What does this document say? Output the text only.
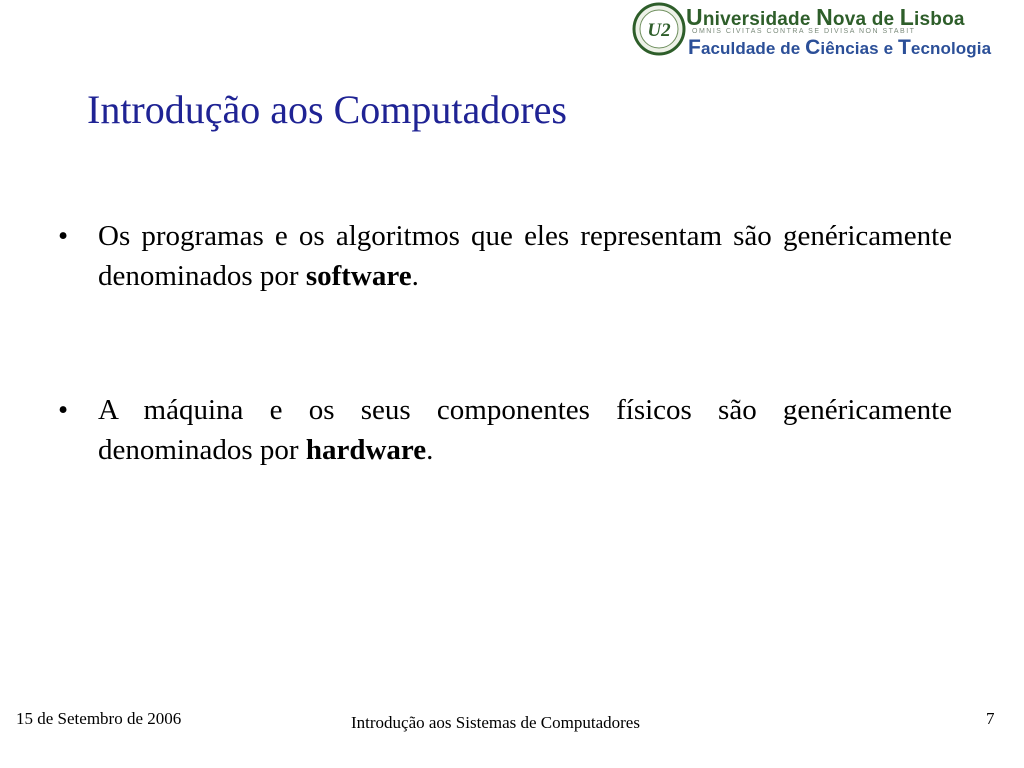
U2
Universidade Nova de Lisboa
OMNIS CIVITAS CONTRA SE DIVISA NON STABIT
Faculdade de Ciências e Tecnologia
Introdução aos Computadores
• Os programas e os algoritmos que eles representam são genéricamente denominados por software.
• A máquina e os seus componentes físicos são genéricamente denominados por hardware.
15 de Setembro de 2006	Introdução aos Sistemas de Computadores	7
